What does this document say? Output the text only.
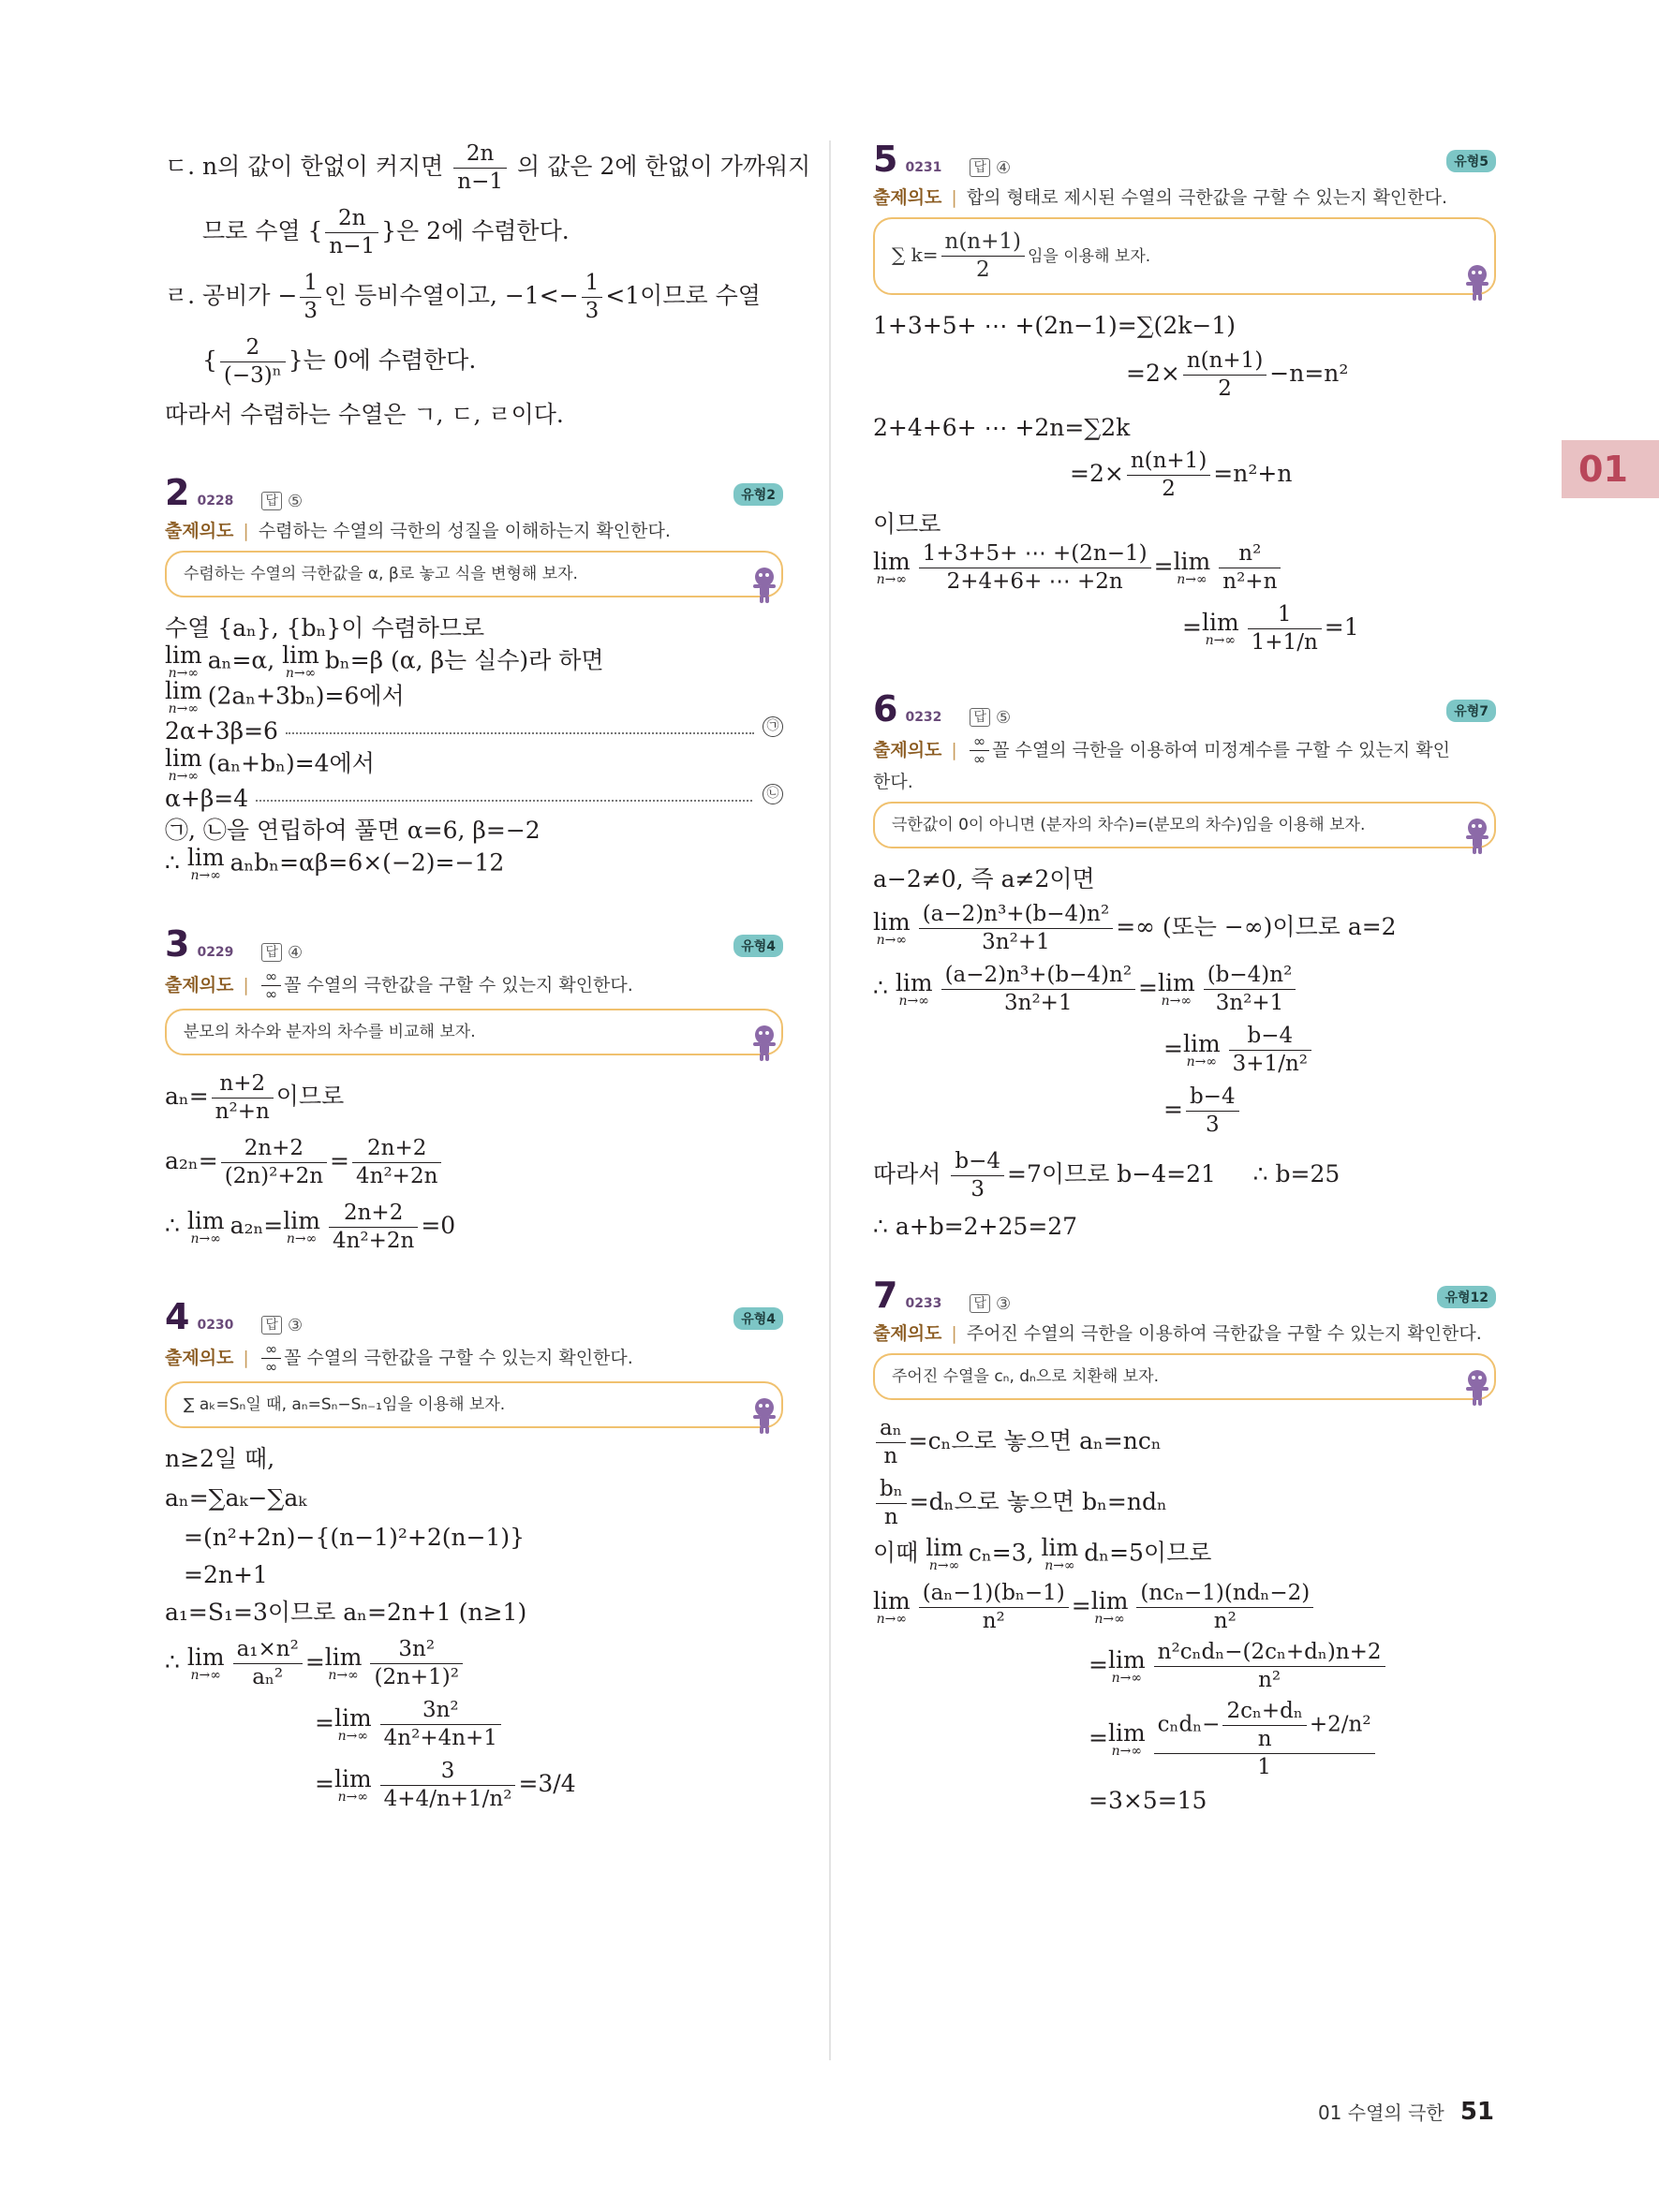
ㄷ. n의 값이 한없이 커지면 $\frac{2n}{n-1}$ 의 값은 2에 한없이 가까워지
므로 수열 { $\frac{2n}{n-1}$ }은 2에 수렴한다.
ㄹ. 공비가 − $\frac{1}{3}$ 인 등비수열이고, $-1<- \frac{1}{3} <1$이므로 수열
{ $\frac{2}{\text{(−3)ⁿ}}$ }는 0에 수렴한다.
따라서 수렴하는 수열은 ㄱ, ㄷ, ㄹ이다.
2 0228 답 ⑤	유형2
출제의도 | 수렴하는 수열의 극한의 성질을 이해하는지 확인한다.
수렴하는 수열의 극한값을 α, β로 놓고 식을 변형해 보자.
수열 {aₙ}, {bₙ}이 수렴하므로
lim
n→∞ aₙ=α, lim
n→∞ bₙ=β (α, β는 실수)라 하면
lim
n→∞ (2aₙ+3bₙ)=6에서
2α+3β=6	㉠
lim
n→∞ (aₙ+bₙ)=4에서
α+β=4	㉡
㉠, ㉡을 연립하여 풀면 α=6, β=−2
∴ lim
n→∞ aₙbₙ=αβ=6×(−2)=−12
3 0229 답 ④	유형4
출제의도 | $\frac{\infty}{\infty}$ 꼴 수열의 극한값을 구할 수 있는지 확인한다.
분모의 차수와 분자의 차수를 비교해 보자.
$a_n= \frac{n+2}{\text{n²+n}}$ 이므로
$a_{2n}= \frac{2n+2}{\text{(2n)²+2n}} = \frac{2n+2}{\text{4n²+2n}}$
∴ lim
n→∞ a₂ₙ= lim
$n\to\infty \frac{2n+2}{\text{4n²+2n}} =0$
4 0230 답 ③	유형4
출제의도 | $\frac{\infty}{\infty}$ 꼴 수열의 극한값을 구할 수 있는지 확인한다.
∑ aₖ=Sₙ일 때, aₙ=Sₙ−Sₙ₋₁임을 이용해 보자.
n≥2일 때,
aₙ=∑aₖ−∑aₖ
=(n²+2n)−{(n−1)²+2(n−1)}
=2n+1
a₁=S₁=3이므로 aₙ=2n+1 (n≥1)
∴ lim
$n\to\infty \frac{\text{a₁×n²}}{\text{aₙ²}} = \lim$
$n\to\infty \frac{\text{3n²}}{\text{(2n+1)²}}$
= lim
$n\to\infty \frac{\text{3n²}}{\text{4n²+4n+1}}$
= lim
$n\to\infty \frac{3}{\text{4+4/n+1/n²}} =3/4$
5 0231 답 ④	유형5
출제의도 | 합의 형태로 제시된 수열의 극한값을 구할 수 있는지 확인한다.
∑ $k= \frac{n(n+1)}{2}$ 임을 이용해 보자.
1+3+5+ ⋯ +(2n−1)=∑(2k−1)
$=2\times \frac{n(n+1)}{2} -n=n^2$
2+4+6+ ⋯ +2n=∑2k
$=2\times \frac{n(n+1)}{2} =n^2+n$
이므로
lim
$n\to\infty \frac{1+3+5+ \cdots +(2n-1)}{2+4+6+ \cdots +2n} = \lim$
$n\to\infty \frac{\text{n²}}{\text{n²+n}}$
= lim
$n\to\infty \frac{1}{1+1/n} =1$
6 0232 답 ⑤	유형7
출제의도 | $\frac{\infty}{\infty}$ 꼴 수열의 극한을 이용하여 미정계수를 구할 수 있는지 확인
한다.
극한값이 0이 아니면 (분자의 차수)=(분모의 차수)임을 이용해 보자.
a−2≠0, 즉 a≠2이면
lim
$n\to\infty \frac{\text{(a−2)n³+(b−4)n²}}{\text{3n²+1}}$ =∞ (또는 −∞)이므로 a=2
∴ lim
$n\to\infty \frac{\text{(a−2)n³+(b−4)n²}}{\text{3n²+1}} = \lim$
$n\to\infty \frac{\text{(b−4)n²}}{\text{3n²+1}}$
= lim
$n\to\infty \frac{b-4}{\text{3+1/n²}}$
= $\frac{b-4}{3}$
따라서 $\frac{b-4}{3} =7$이므로 b−4=21 ∴ b=25
∴ a+b=2+25=27
7 0233 답 ③	유형12
출제의도 | 주어진 수열의 극한을 이용하여 극한값을 구할 수 있는지 확인한다.
주어진 수열을 cₙ, dₙ으로 치환해 보자.
$\frac{\text{aₙ}}{n} =c_n$으로 놓으면 aₙ=ncₙ
$\frac{\text{bₙ}}{n} =d_n$으로 놓으면 bₙ=ndₙ
이때 lim
n→∞ cₙ=3, lim
n→∞ dₙ=5이므로
lim
$n\to\infty \frac{\text{(aₙ−1)(bₙ−1)}}{\text{n²}} = \lim$
$n\to\infty \frac{\text{(ncₙ−1)(ndₙ−2)}}{\text{n²}}$
= lim
$n\to\infty \frac{\text{n²cₙdₙ−(2cₙ+dₙ)n+2}}{\text{n²}}$
= lim
$n\to\infty \frac{c_nd_n- \frac{\text{2cₙ+dₙ}}{n} +2/n^2}{1}$
=3×5=15
01
01 수열의 극한 51
